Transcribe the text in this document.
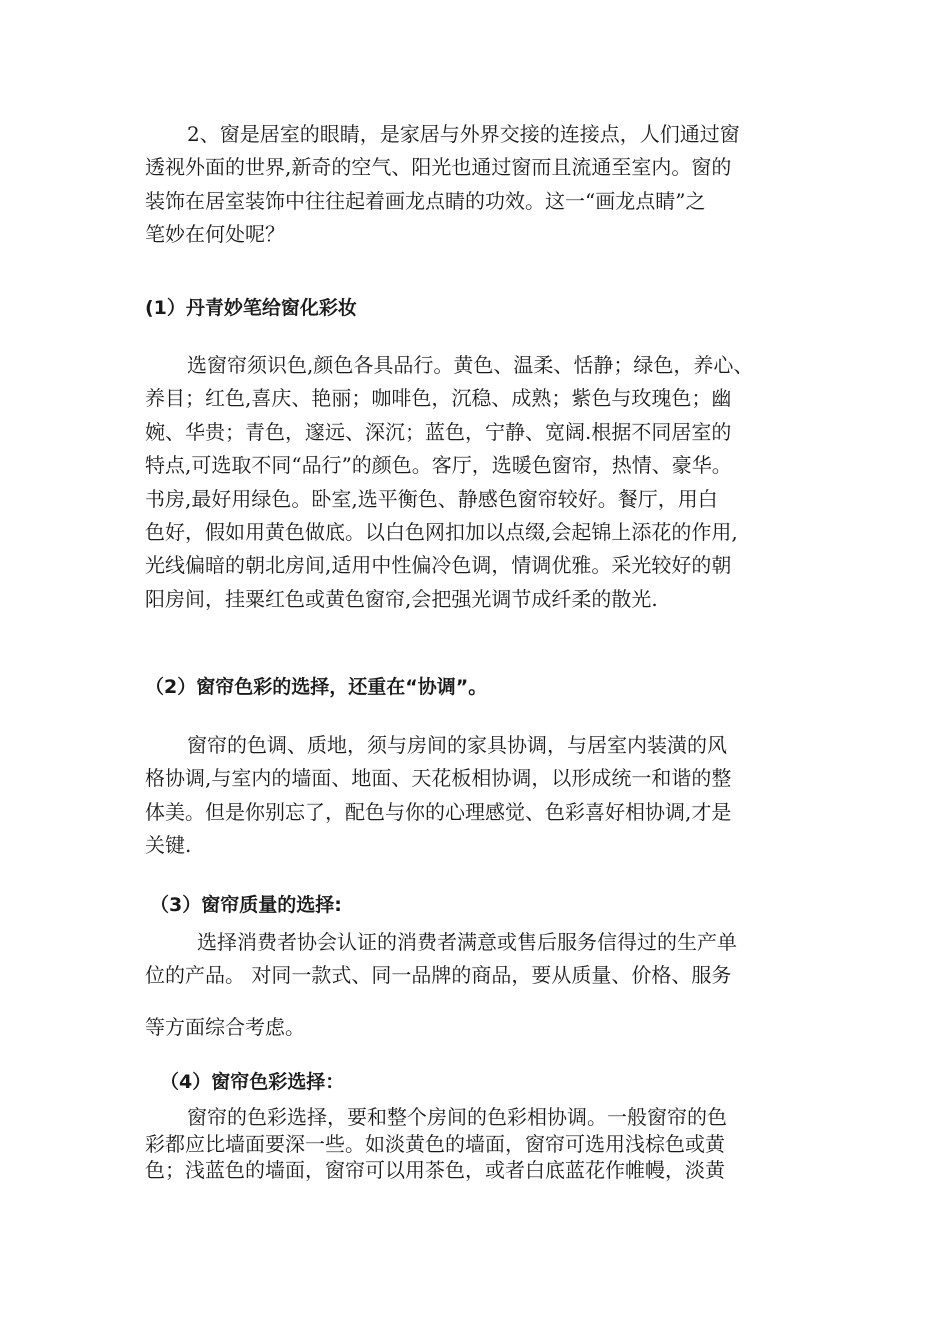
2、窗是居室的眼睛，是家居与外界交接的连接点，人们通过窗
透视外面的世界,新奇的空气、阳光也通过窗而且流通至室内。窗的
装饰在居室装饰中往往起着画龙点睛的功效。这一“画龙点睛”之
笔妙在何处呢？

(1）丹青妙笔给窗化彩妆

选窗帘须识色,颜色各具品行。黄色、温柔、恬静；绿色，养心、
养目；红色,喜庆、艳丽；咖啡色，沉稳、成熟；紫色与玫瑰色；幽
婉、华贵；青色，邃远、深沉；蓝色，宁静、宽阔.根据不同居室的
特点,可选取不同“品行”的颜色。客厅，选暖色窗帘，热情、豪华。
书房,最好用绿色。卧室,选平衡色、静感色窗帘较好。餐厅，用白
色好，假如用黄色做底。以白色网扣加以点缀,会起锦上添花的作用,
光线偏暗的朝北房间,适用中性偏冷色调，情调优雅。采光较好的朝
阳房间，挂粟红色或黄色窗帘,会把强光调节成纤柔的散光.

（2）窗帘色彩的选择，还重在“协调”。

窗帘的色调、质地，须与房间的家具协调，与居室内装潢的风
格协调,与室内的墙面、地面、天花板相协调，以形成统一和谐的整
体美。但是你别忘了，配色与你的心理感觉、色彩喜好相协调,才是
关键.

（3）窗帘质量的选择:

选择消费者协会认证的消费者满意或售后服务信得过的生产单
位的产品。 对同一款式、同一品牌的商品，要从质量、价格、服务
等方面综合考虑。

（4）窗帘色彩选择：

窗帘的色彩选择，要和整个房间的色彩相协调。一般窗帘的色
彩都应比墙面要深一些。如淡黄色的墙面，窗帘可选用浅棕色或黄
色；浅蓝色的墙面，窗帘可以用茶色，或者白底蓝花作帷幔，淡黄
